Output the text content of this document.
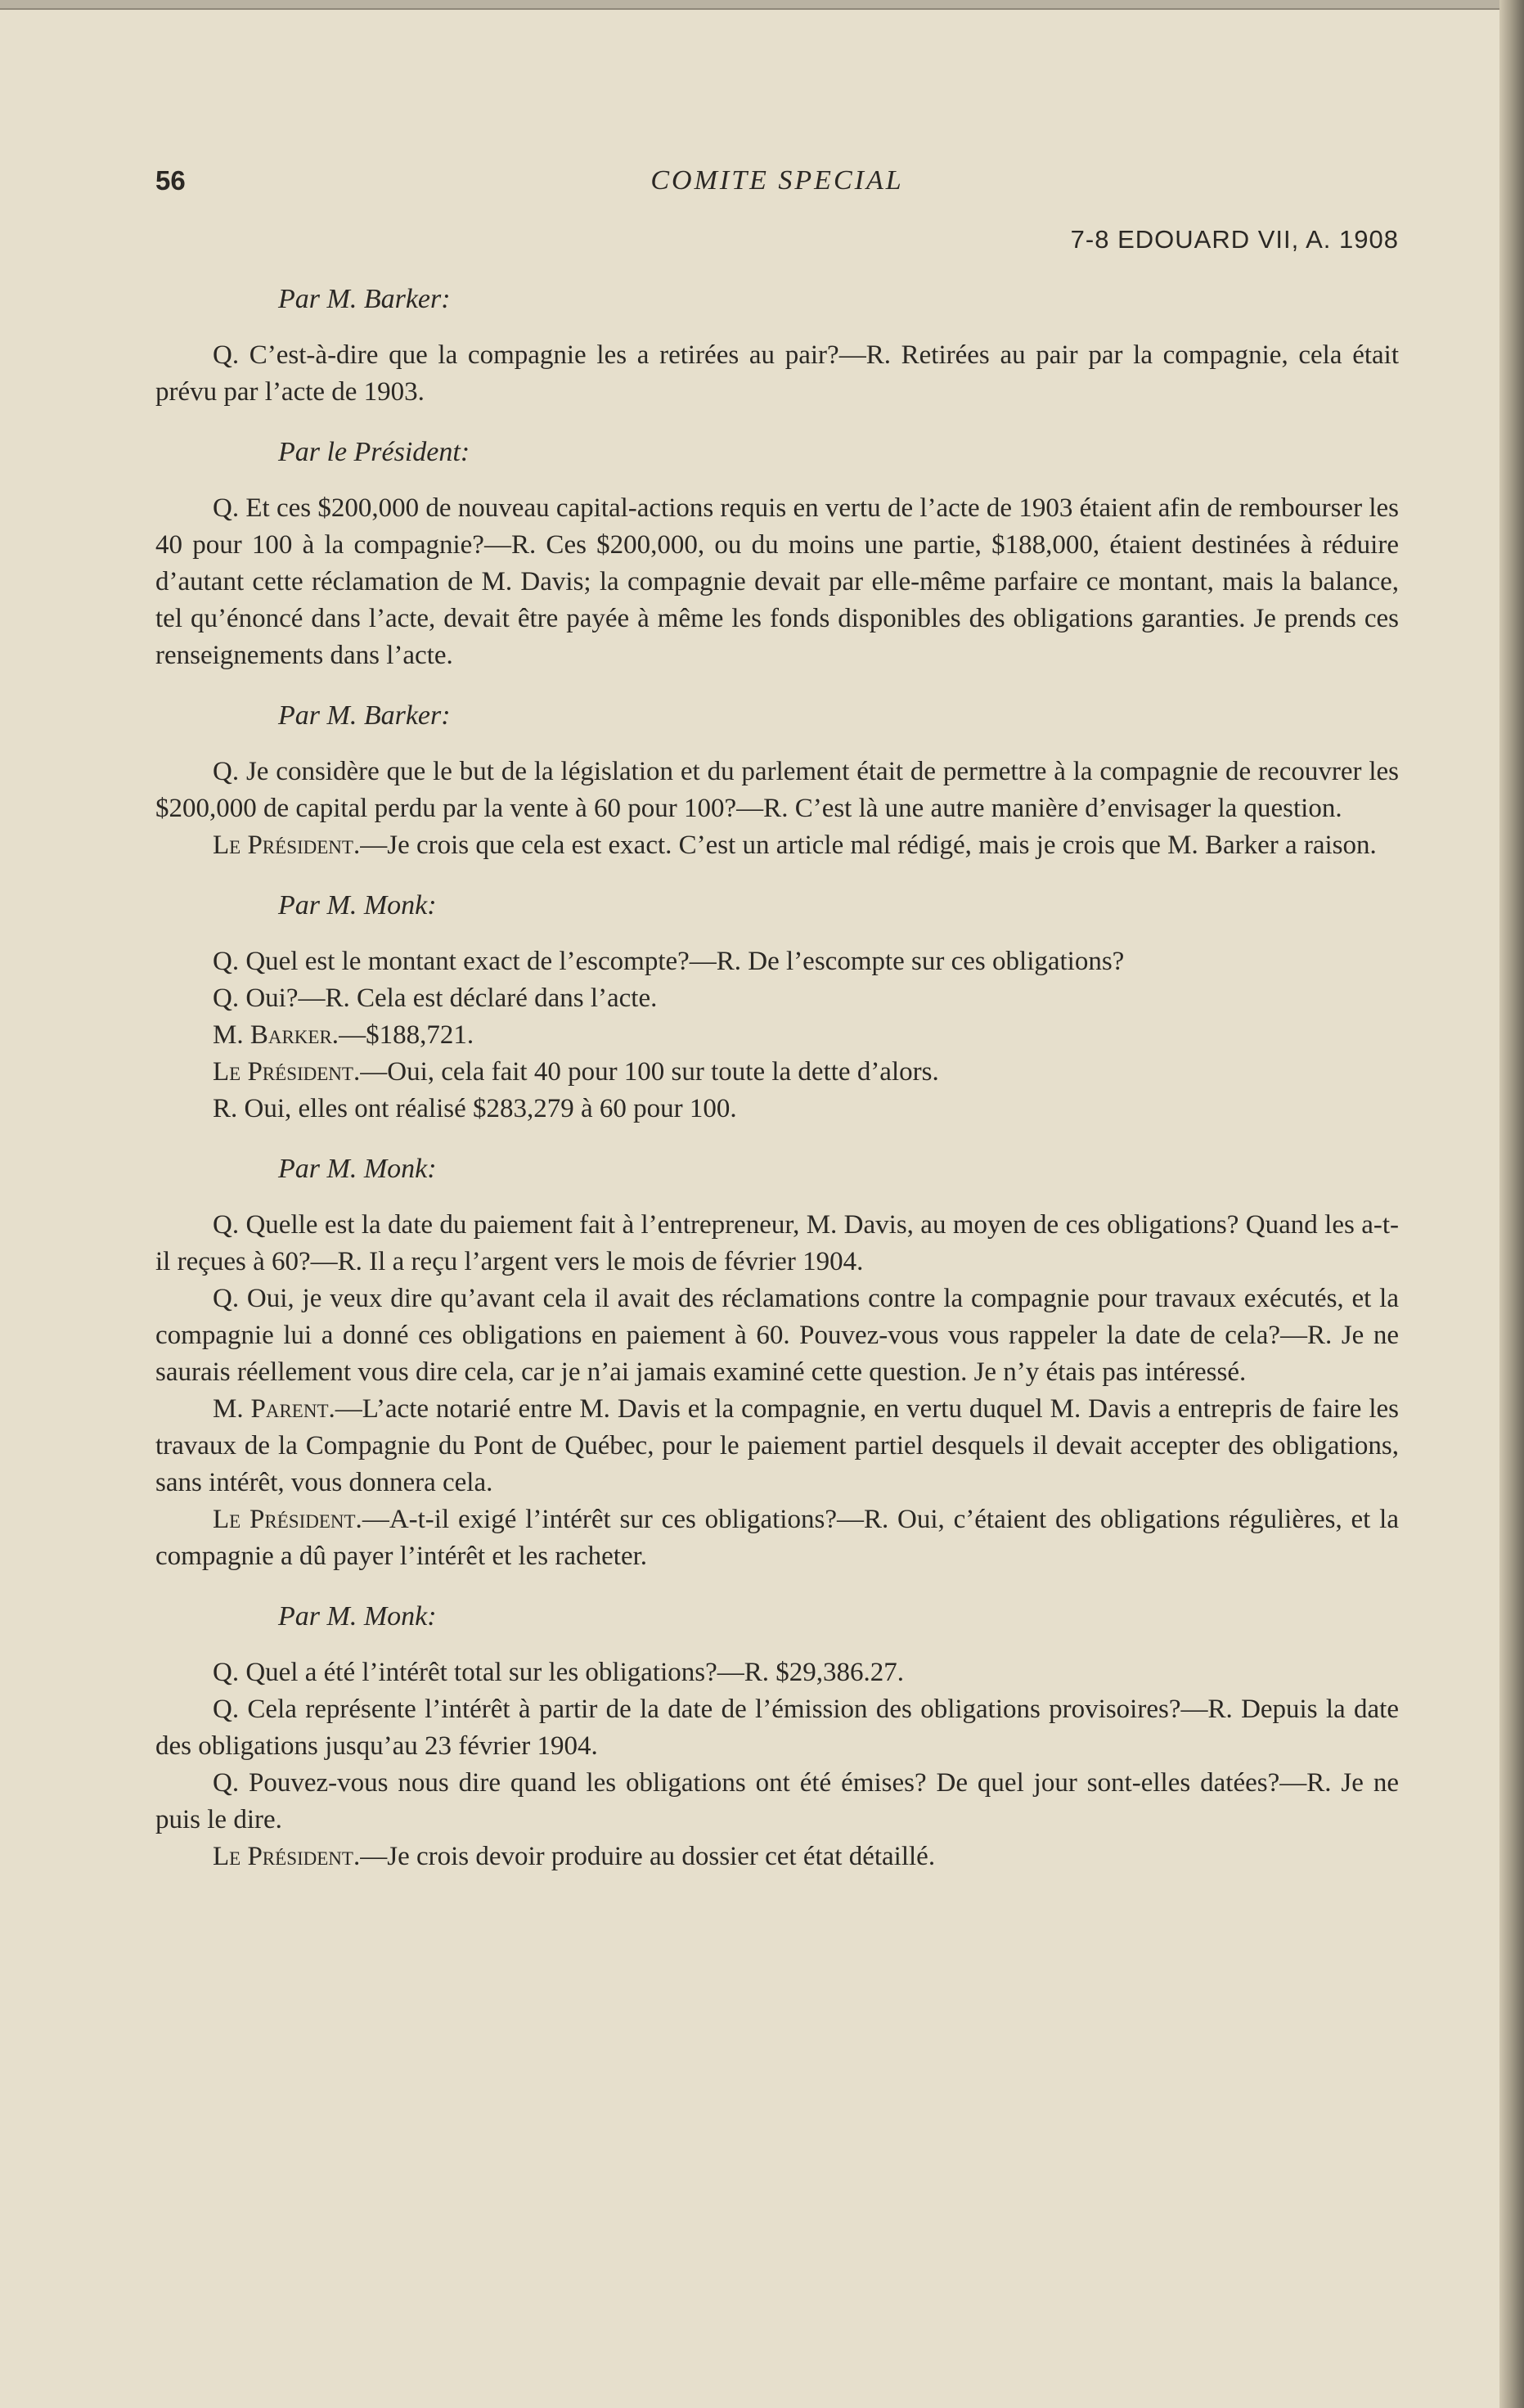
56	COMITE SPECIAL
7-8 EDOUARD VII, A. 1908
Par M. Barker:

Q. C’est-à-dire que la compagnie les a retirées au pair?—R. Retirées au pair par la compagnie, cela était prévu par l’acte de 1903.

Par le Président:

Q. Et ces $200,000 de nouveau capital-actions requis en vertu de l’acte de 1903 étaient afin de rembourser les 40 pour 100 à la compagnie?—R. Ces $200,000, ou du moins une partie, $188,000, étaient destinées à réduire d’autant cette réclamation de M. Davis; la compagnie devait par elle-même parfaire ce montant, mais la balance, tel qu’énoncé dans l’acte, devait être payée à même les fonds disponibles des obligations garanties. Je prends ces renseignements dans l’acte.

Par M. Barker:

Q. Je considère que le but de la législation et du parlement était de permettre à la compagnie de recouvrer les $200,000 de capital perdu par la vente à 60 pour 100?—R. C’est là une autre manière d’envisager la question.

Le Président.—Je crois que cela est exact. C’est un article mal rédigé, mais je crois que M. Barker a raison.

Par M. Monk:

Q. Quel est le montant exact de l’escompte?—R. De l’escompte sur ces obligations?

Q. Oui?—R. Cela est déclaré dans l’acte.

M. Barker.—$188,721.

Le Président.—Oui, cela fait 40 pour 100 sur toute la dette d’alors.

R. Oui, elles ont réalisé $283,279 à 60 pour 100.

Par M. Monk:

Q. Quelle est la date du paiement fait à l’entrepreneur, M. Davis, au moyen de ces obligations? Quand les a-t-il reçues à 60?—R. Il a reçu l’argent vers le mois de février 1904.

Q. Oui, je veux dire qu’avant cela il avait des réclamations contre la compagnie pour travaux exécutés, et la compagnie lui a donné ces obligations en paiement à 60. Pouvez-vous vous rappeler la date de cela?—R. Je ne saurais réellement vous dire cela, car je n’ai jamais examiné cette question. Je n’y étais pas intéressé.

M. Parent.—L’acte notarié entre M. Davis et la compagnie, en vertu duquel M. Davis a entrepris de faire les travaux de la Compagnie du Pont de Québec, pour le paiement partiel desquels il devait accepter des obligations, sans intérêt, vous donnera cela.

Le Président.—A-t-il exigé l’intérêt sur ces obligations?—R. Oui, c’étaient des obligations régulières, et la compagnie a dû payer l’intérêt et les racheter.

Par M. Monk:

Q. Quel a été l’intérêt total sur les obligations?—R. $29,386.27.

Q. Cela représente l’intérêt à partir de la date de l’émission des obligations provisoires?—R. Depuis la date des obligations jusqu’au 23 février 1904.

Q. Pouvez-vous nous dire quand les obligations ont été émises? De quel jour sont-elles datées?—R. Je ne puis le dire.

Le Président.—Je crois devoir produire au dossier cet état détaillé.
